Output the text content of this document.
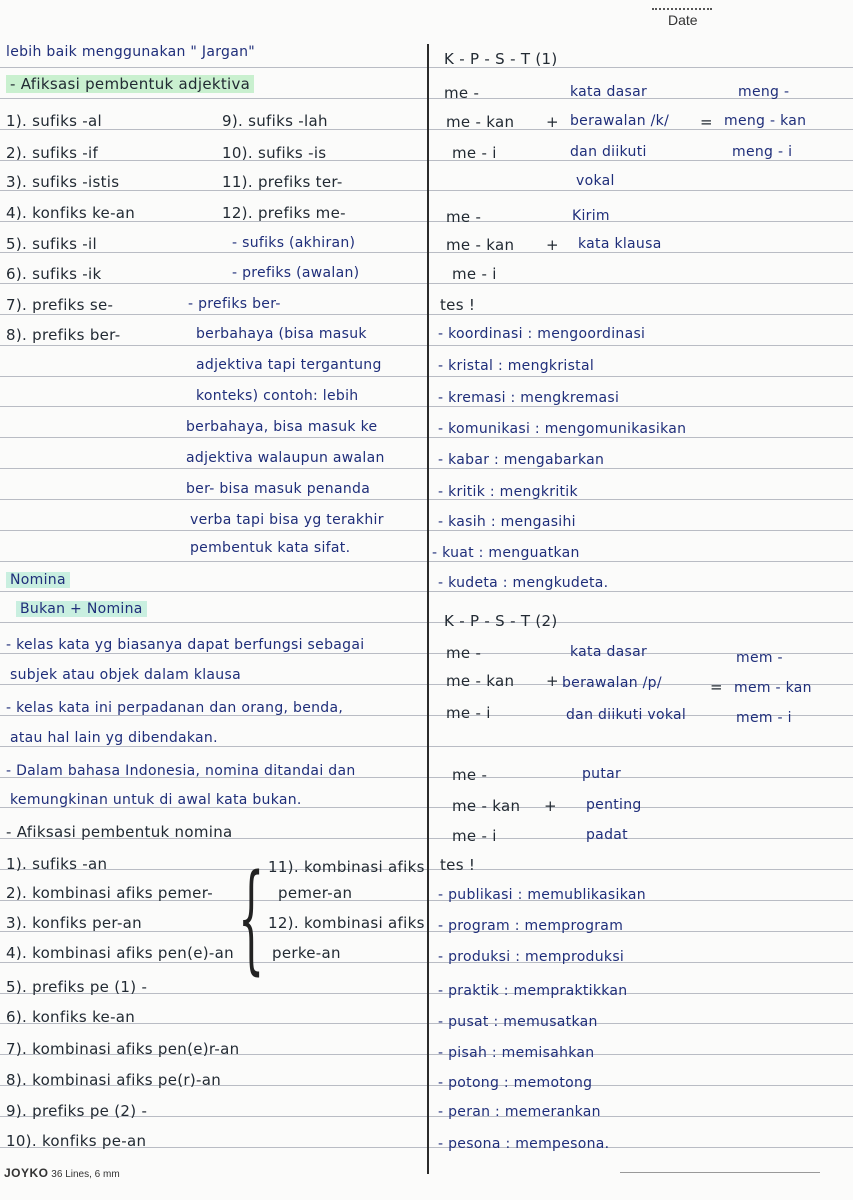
Date
lebih baik menggunakan " Jargan"
- Afiksasi pembentuk adjektiva
1). sufiks -al
2). sufiks -if
3). sufiks -istis
4). konfiks ke-an
5). sufiks -il
6). sufiks -ik
7). prefiks se-
8). prefiks ber-
9). sufiks -lah
10). sufiks -is
11). prefiks ter-
12). prefiks me-
- sufiks (akhiran)
- prefiks (awalan)
- prefiks ber-
berbahaya (bisa masuk
adjektiva tapi tergantung
konteks) contoh: lebih
berbahaya, bisa masuk ke
adjektiva walaupun awalan
ber- bisa masuk penanda
verba tapi bisa yg terakhir
pembentuk kata sifat.
Nomina
Bukan + Nomina
- kelas kata yg biasanya dapat berfungsi sebagai
subjek atau objek dalam klausa
- kelas kata ini perpadanan dan orang, benda,
atau hal lain yg dibendakan.
- Dalam bahasa Indonesia, nomina ditandai dan
kemungkinan untuk di awal kata bukan.
- Afiksasi pembentuk nomina
1). sufiks -an
2). kombinasi afiks pemer-
3). konfiks per-an
4). kombinasi afiks pen(e)-an
5). prefiks pe (1) -
6). konfiks ke-an
7). kombinasi afiks pen(e)r-an
8). kombinasi afiks pe(r)-an
9). prefiks pe (2) -
10). konfiks pe-an
{ 11). kombinasi afiks
pemer-an
12). kombinasi afiks
perke-an
K - P - S - T (1)
me -	kata dasar	meng -
me - kan + berawalan /k/ = meng - kan
me - i	dan diikuti	meng - i
vokal
me -	Kirim
me - kan + kata klausa
me - i
tes !
- koordinasi : mengoordinasi
- kristal : mengkristal
- kremasi : mengkremasi
- komunikasi : mengomunikasikan
- kabar : mengabarkan
- kritik : mengkritik
- kasih : mengasihi
- kuat : menguatkan
- kudeta : mengkudeta.
K - P - S - T (2)
me -	kata dasar	mem -
me - kan + berawalan /p/	= mem - kan
me - i	dan diikuti vokal	mem - i
me -	putar
me - kan + penting
me - i	padat
tes !
- publikasi : memublikasikan
- program : memprogram
- produksi : memproduksi
- praktik : mempraktikkan
- pusat : memusatkan
- pisah : memisahkan
- potong : memotong
- peran : memerankan
- pesona : mempesona.
JOYKO 36 Lines, 6 mm
